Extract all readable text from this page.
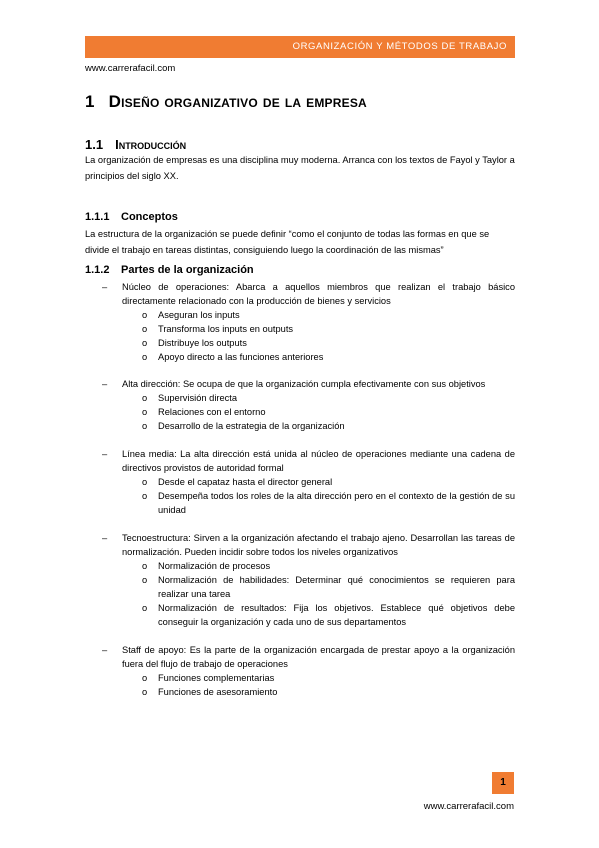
ORGANIZACIÓN Y MÉTODOS DE TRABAJO
www.carrerafacil.com
1 Diseño organizativo de la empresa
1.1 Introducción
La organización de empresas es una disciplina muy moderna. Arranca con los textos de Fayol y Taylor a principios del siglo XX.
1.1.1 Conceptos
La estructura de la organización se puede definir “como el conjunto de todas las formas en que se divide el trabajo en tareas distintas, consiguiendo luego la coordinación de las mismas”
1.1.2 Partes de la organización
– Núcleo de operaciones: Abarca a aquellos miembros que realizan el trabajo básico directamente relacionado con la producción de bienes y servicios
o Aseguran los inputs
o Transforma los inputs en outputs
o Distribuye los outputs
o Apoyo directo a las funciones anteriores
– Alta dirección: Se ocupa de que la organización cumpla efectivamente con sus objetivos
o Supervisión directa
o Relaciones con el entorno
o Desarrollo de la estrategia de la organización
– Línea media: La alta dirección está unida al núcleo de operaciones mediante una cadena de directivos provistos de autoridad formal
o Desde el capataz hasta el director general
o Desempeña todos los roles de la alta dirección pero en el contexto de la gestión de su unidad
– Tecnoestructura: Sirven a la organización afectando el trabajo ajeno. Desarrollan las tareas de normalización. Pueden incidir sobre todos los niveles organizativos
o Normalización de procesos
o Normalización de habilidades: Determinar qué conocimientos se requieren para realizar una tarea
o Normalización de resultados: Fija los objetivos. Establece qué objetivos debe conseguir la organización y cada uno de sus departamentos
– Staff de apoyo: Es la parte de la organización encargada de prestar apoyo a la organización fuera del flujo de trabajo de operaciones
o Funciones complementarias
o Funciones de asesoramiento
1
www.carrerafacil.com
